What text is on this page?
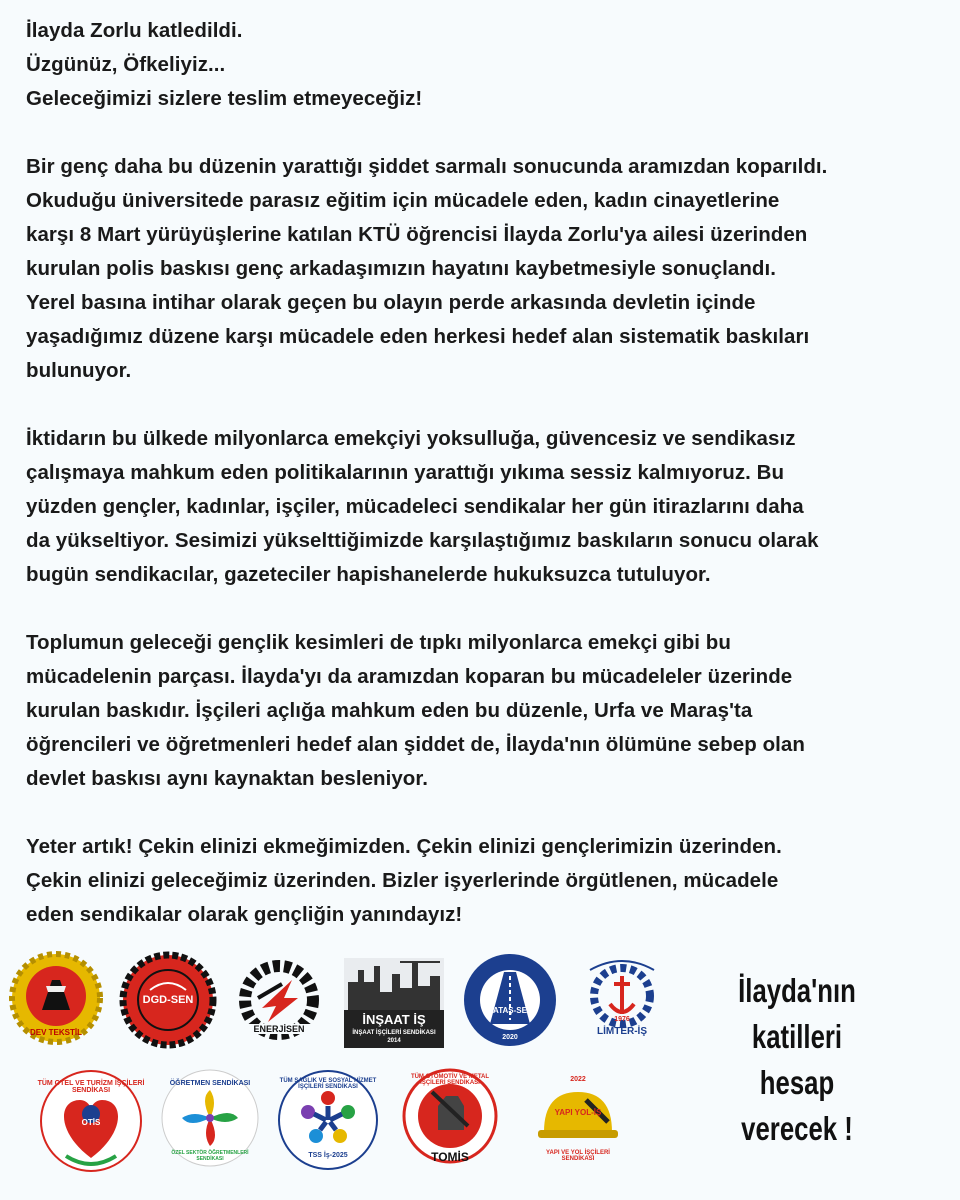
İlayda Zorlu katledildi.
Üzgünüz, Öfkeliyiz...
Geleceğimizi sizlere teslim etmeyeceğiz!
Bir genç daha bu düzenin yarattığı şiddet sarmalı sonucunda aramızdan koparıldı.
Okuduğu üniversitede parasız eğitim için mücadele eden, kadın cinayetlerine
karşı 8 Mart yürüyüşlerine katılan KTÜ öğrencisi İlayda Zorlu'ya ailesi üzerinden
kurulan polis baskısı genç arkadaşımızın hayatını kaybetmesiyle sonuçlandı.
Yerel basına intihar olarak geçen bu olayın perde arkasında devletin içinde
yaşadığımız düzene karşı mücadele eden herkesi hedef alan sistematik baskıları
bulunuyor.
İktidarın bu ülkede milyonlarca emekçiyi yoksulluğa, güvencesiz ve sendikasız
çalışmaya mahkum eden politikalarının yarattığı yıkıma sessiz kalmıyoruz. Bu
yüzden gençler, kadınlar, işçiler, mücadeleci sendikalar her gün itirazlarını daha
da yükseltiyor. Sesimizi yükselttiğimizde karşılaştığımız baskıların sonucu olarak
bugün sendikacılar, gazeteciler hapishanelerde hukuksuzca tutuluyor.
Toplumun geleceği gençlik kesimleri de tıpkı milyonlarca emekçi gibi bu
mücadelenin parçası. İlayda'yı da aramızdan koparan bu mücadeleler üzerinde
kurulan baskıdır. İşçileri açlığa mahkum eden bu düzenle, Urfa ve Maraş'ta
öğrencileri ve öğretmenleri hedef alan şiddet de, İlayda'nın ölümüne sebep olan
devlet baskısı aynı kaynaktan besleniyor.
Yeter artık! Çekin elinizi ekmeğimizden. Çekin elinizi gençlerimizin üzerinden.
Çekin elinizi geleceğimiz üzerinden. Bizler işyerlerinde örgütlenen, mücadele
eden sendikalar olarak gençliğin yanındayız!
DEV TEKSTİL
DGD-SEN
ENERJİSEN
İNŞAAT İŞ
İNŞAAT İŞÇİLERİ SENDİKASI
2014
KATAŞ-SEN
2020
1976
LİMTER-İŞ
TÜM OTEL VE TURİZM İŞÇİLERİ SENDİKASI
OTİS
ÖĞRETMEN SENDİKASI
ÖZEL SEKTÖR ÖĞRETMENLERİ SENDİKASI
TÜM SAĞLIK VE SOSYAL HİZMET İŞÇİLERİ SENDİKASI
TSS İş-2025
TÜM OTOMOTİV VE METAL İŞÇİLERİ SENDİKASI
TOMİS
2022
YAPI YOL-İŞ
YAPI VE YOL İŞÇİLERİ SENDİKASI
İlayda'nın
katilleri
hesap
verecek !
